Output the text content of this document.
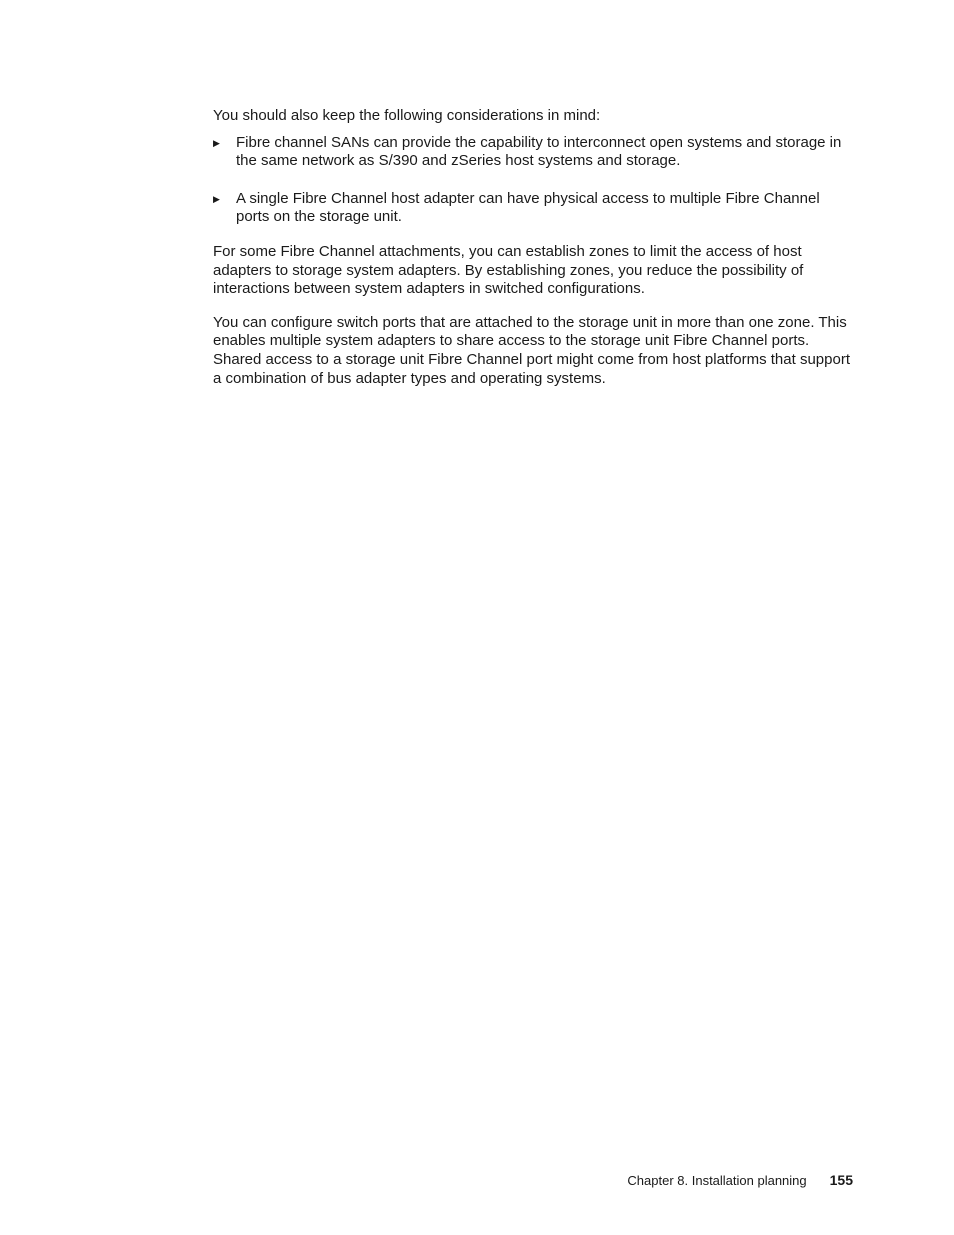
You should also keep the following considerations in mind:

▶ Fibre channel SANs can provide the capability to interconnect open systems and storage in the same network as S/390 and zSeries host systems and storage.
▶ A single Fibre Channel host adapter can have physical access to multiple Fibre Channel ports on the storage unit.

For some Fibre Channel attachments, you can establish zones to limit the access of host adapters to storage system adapters. By establishing zones, you reduce the possibility of interactions between system adapters in switched configurations.

You can configure switch ports that are attached to the storage unit in more than one zone. This enables multiple system adapters to share access to the storage unit Fibre Channel ports. Shared access to a storage unit Fibre Channel port might come from host platforms that support a combination of bus adapter types and operating systems.

Chapter 8. Installation planning 155
